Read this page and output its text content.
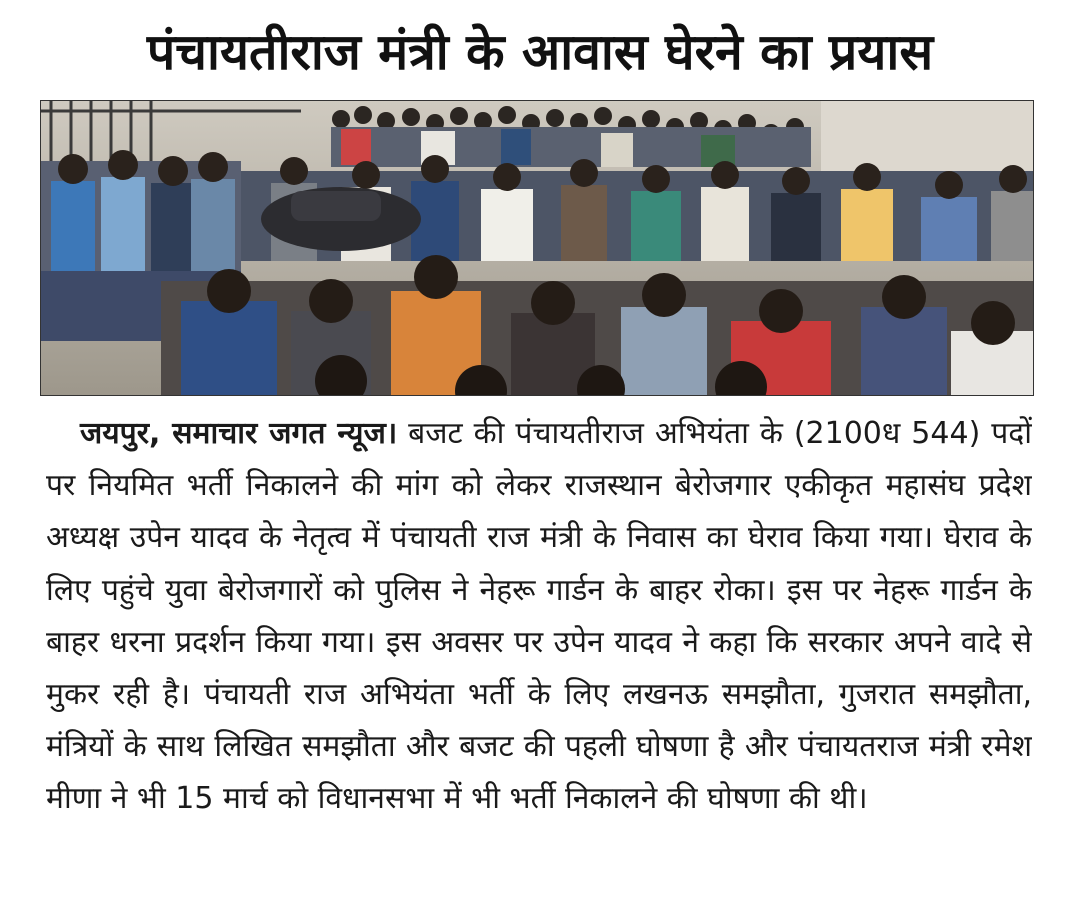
पंचायतीराज मंत्री के आवास घेरने का प्रयास
जयपुर, समाचार जगत न्यूज। बजट की पंचायतीराज अभियंता के (2100ध 544) पदों पर नियमित भर्ती निकालने की मांग को लेकर राजस्थान बेरोजगार एकीकृत महासंघ प्रदेश अध्यक्ष उपेन यादव के नेतृत्व में पंचायती राज मंत्री के निवास का घेराव किया गया। घेराव के लिए पहुंचे युवा बेरोजगारों को पुलिस ने नेहरू गार्डन के बाहर रोका। इस पर नेहरू गार्डन के बाहर धरना प्रदर्शन किया गया। इस अवसर पर उपेन यादव ने कहा कि सरकार अपने वादे से मुकर रही है। पंचायती राज अभियंता भर्ती के लिए लखनऊ समझौता, गुजरात समझौता, मंत्रियों के साथ लिखित समझौता और बजट की पहली घोषणा है और पंचायतराज मंत्री रमेश मीणा ने भी 15 मार्च को विधानसभा में भी भर्ती निकालने की घोषणा की थी।
